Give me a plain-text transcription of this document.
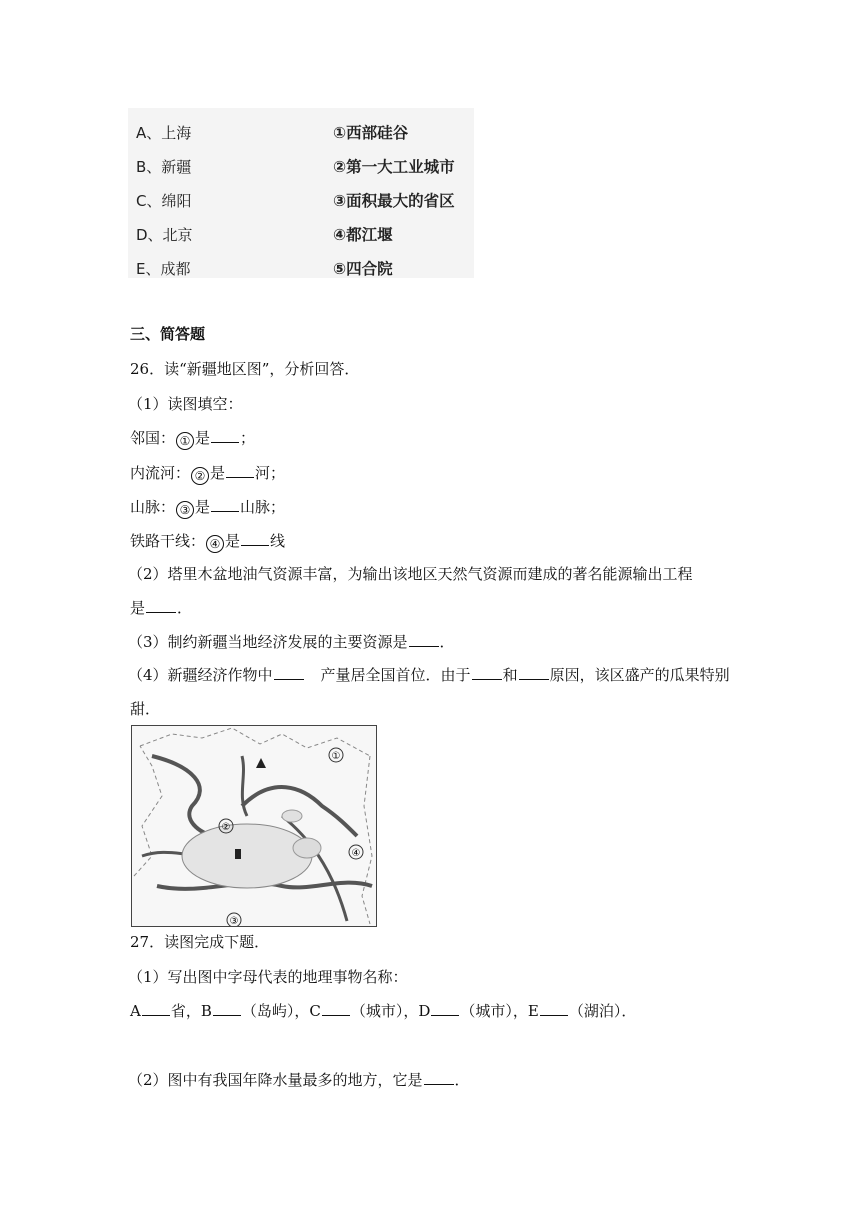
A、上海
B、新疆
C、绵阳
D、北京
E、成都
①西部硅谷
②第一大工业城市
③面积最大的省区
④都江堰
⑤四合院
三、简答题
26．读“新疆地区图”，分析回答．
（1）读图填空：
邻国： ① 是 ；
内流河： ② 是 河；
山脉： ③ 是 山脉；
铁路干线： ④ 是 线
（2）塔里木盆地油气资源丰富，为输出该地区天然气资源而建成的著名能源输出工程
是 ．
（3）制约新疆当地经济发展的主要资源是 ．
（4）新疆经济作物中	产量居全国首位．由于 和 原因，该区盛产的瓜果特别
甜．
①
②
③
④
27．读图完成下题．
（1）写出图中字母代表的地理事物名称：
A 省，B （岛屿），C （城市），D （城市），E （湖泊）．
（2）图中有我国年降水量最多的地方，它是 ．
